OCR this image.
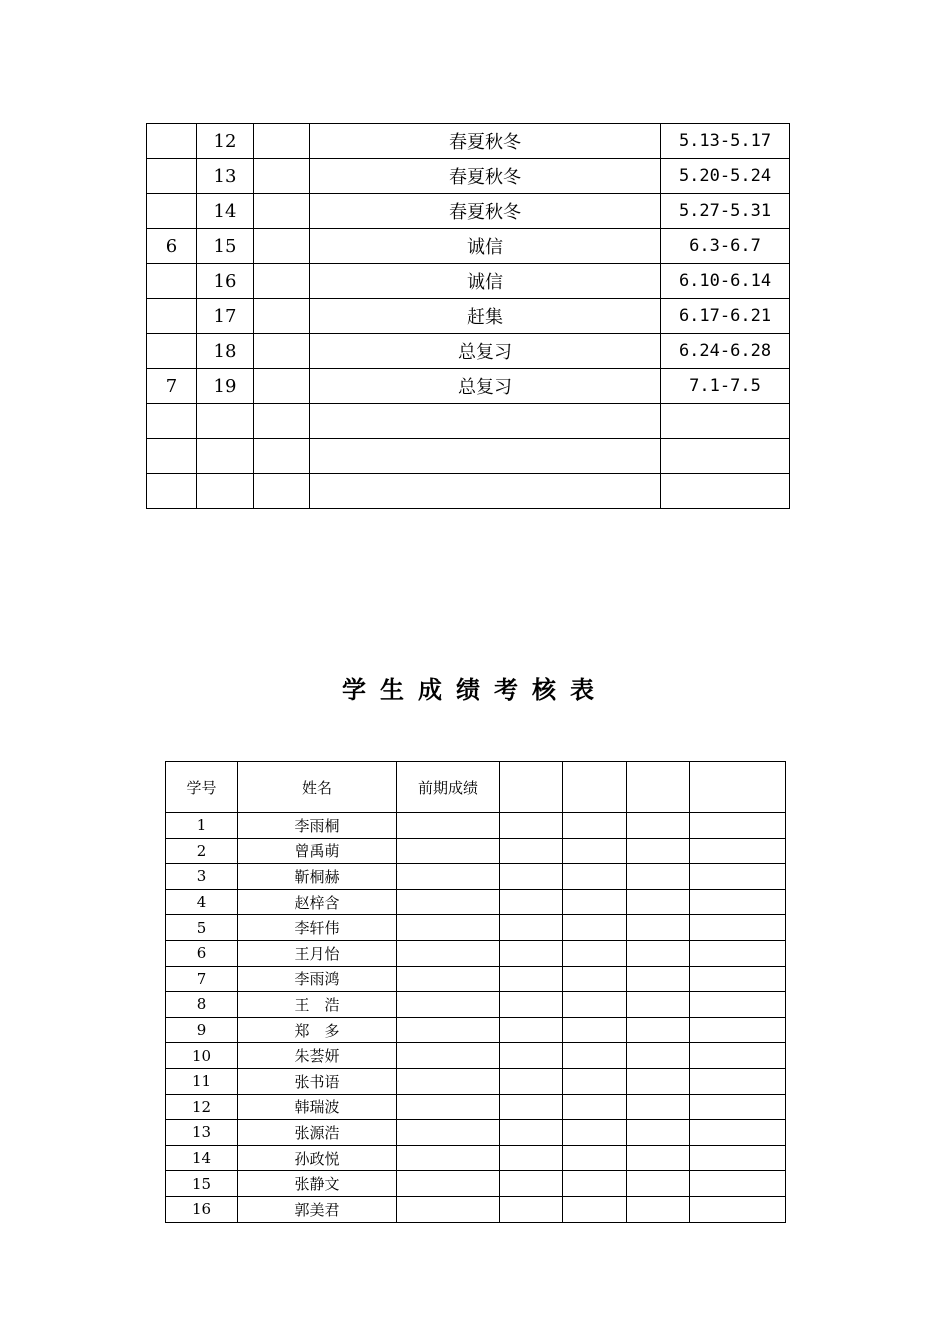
	12		春夏秋冬	5.13-5.17
	13		春夏秋冬	5.20-5.24
	14		春夏秋冬	5.27-5.31
6	15		诚信	6.3-6.7
	16		诚信	6.10-6.14
	17		赶集	6.17-6.21
	18		总复习	6.24-6.28
7	19		总复习	7.1-7.5

学生成绩考核表
学号	姓名	前期成绩				
1	李雨桐					
2	曾禹萌					
3	靳桐赫					
4	赵梓含					
5	李轩伟					
6	王月怡					
7	李雨鸿					
8	王　浩					
9	郑　多					
10	朱荟妍					
11	张书语					
12	韩瑞波					
13	张源浩					
14	孙政悦					
15	张静文					
16	郭美君					
